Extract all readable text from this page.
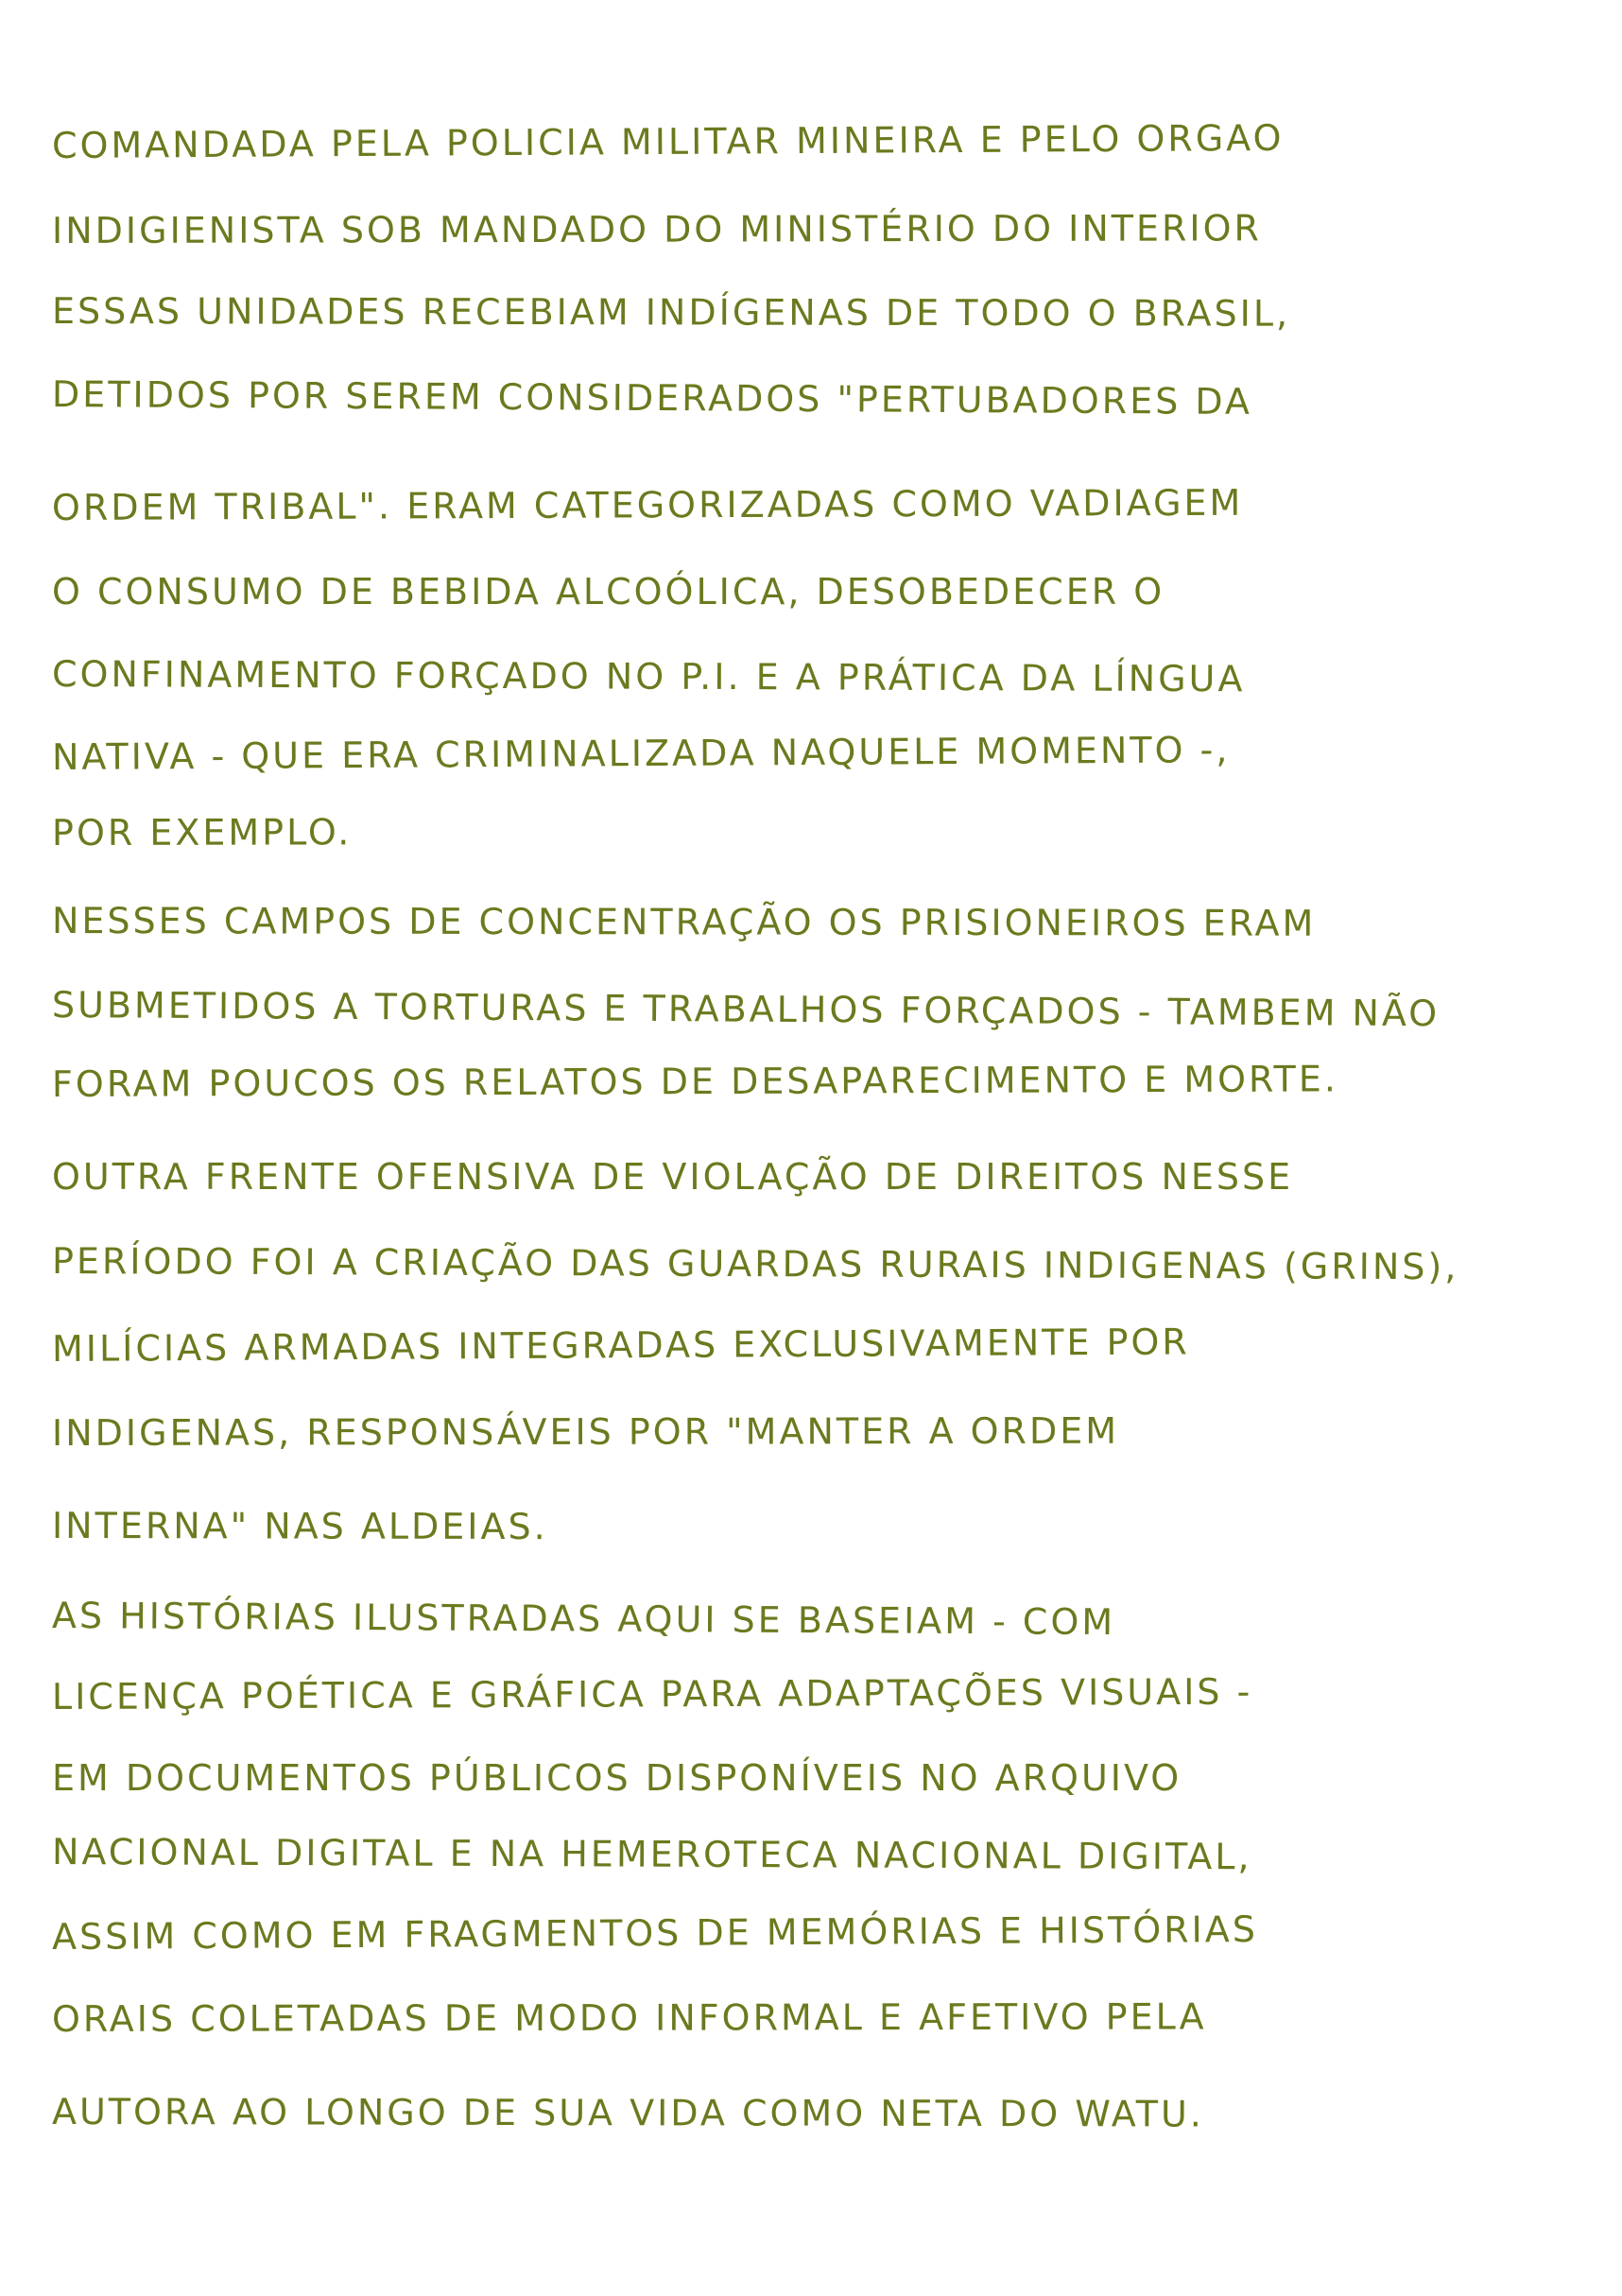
COMANDADA PELA POLICIA MILITAR MINEIRA E PELO ORGAO
INDIGIENISTA SOB MANDADO DO MINISTÉRIO DO INTERIOR
ESSAS UNIDADES RECEBIAM INDÍGENAS DE TODO O BRASIL,
DETIDOS POR SEREM CONSIDERADOS "PERTUBADORES DA
ORDEM TRIBAL". ERAM CATEGORIZADAS COMO VADIAGEM
O CONSUMO DE BEBIDA ALCOÓLICA, DESOBEDECER O
CONFINAMENTO FORÇADO NO P.I. E A PRÁTICA DA LÍNGUA
NATIVA - QUE ERA CRIMINALIZADA NAQUELE MOMENTO -,
POR EXEMPLO.
NESSES CAMPOS DE CONCENTRAÇÃO OS PRISIONEIROS ERAM
SUBMETIDOS A TORTURAS E TRABALHOS FORÇADOS - TAMBEM NÃO
FORAM POUCOS OS RELATOS DE DESAPARECIMENTO E MORTE.
OUTRA FRENTE OFENSIVA DE VIOLAÇÃO DE DIREITOS NESSE
PERÍODO FOI A CRIAÇÃO DAS GUARDAS RURAIS INDIGENAS (GRINS),
MILÍCIAS ARMADAS INTEGRADAS EXCLUSIVAMENTE POR
INDIGENAS, RESPONSÁVEIS POR "MANTER A ORDEM
INTERNA" NAS ALDEIAS.
AS HISTÓRIAS ILUSTRADAS AQUI SE BASEIAM - COM
LICENÇA POÉTICA E GRÁFICA PARA ADAPTAÇÕES VISUAIS -
EM DOCUMENTOS PÚBLICOS DISPONÍVEIS NO ARQUIVO
NACIONAL DIGITAL E NA HEMEROTECA NACIONAL DIGITAL,
ASSIM COMO EM FRAGMENTOS DE MEMÓRIAS E HISTÓRIAS
ORAIS COLETADAS DE MODO INFORMAL E AFETIVO PELA
AUTORA AO LONGO DE SUA VIDA COMO NETA DO WATU.
